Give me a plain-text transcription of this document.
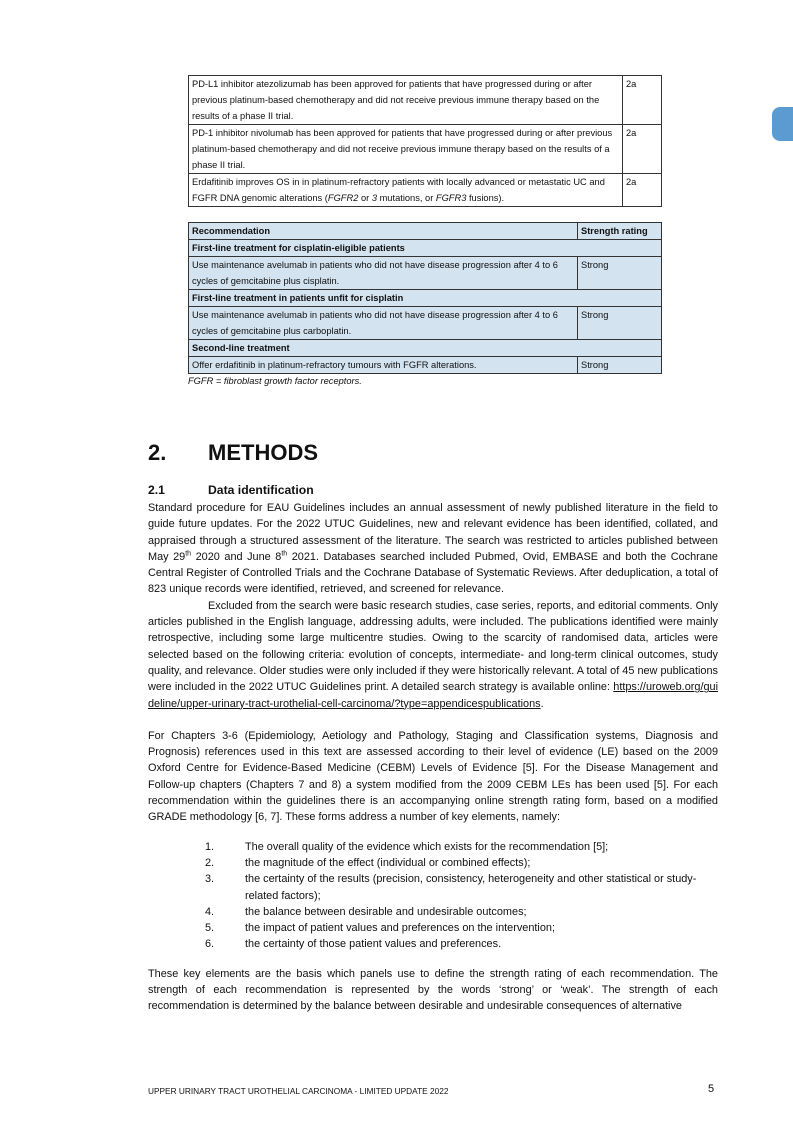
PD-L1 inhibitor atezolizumab has been approved for patients that have progressed during or after previous platinum-based chemotherapy and did not receive previous immune therapy based on the results of a phase II trial.	2a
PD-1 inhibitor nivolumab has been approved for patients that have progressed during or after previous platinum-based chemotherapy and did not receive previous immune therapy based on the results of a phase II trial.	2a
Erdafitinib improves OS in in platinum-refractory patients with locally advanced or metastatic UC and FGFR DNA genomic alterations (FGFR2 or 3 mutations, or FGFR3 fusions).	2a
Recommendation	Strength rating
First-line treatment for cisplatin-eligible patients	
Use maintenance avelumab in patients who did not have disease progression after 4 to 6 cycles of gemcitabine plus cisplatin.	Strong
First-line treatment in patients unfit for cisplatin	
Use maintenance avelumab in patients who did not have disease progression after 4 to 6 cycles of gemcitabine plus carboplatin.	Strong
Second-line treatment	
Offer erdafitinib in platinum-refractory tumours with FGFR alterations.	Strong
FGFR = fibroblast growth factor receptors.
2. METHODS
2.1	Data identification

Standard procedure for EAU Guidelines includes an annual assessment of newly published literature in the field to guide future updates. For the 2022 UTUC Guidelines, new and relevant evidence has been identified, collated, and appraised through a structured assessment of the literature. The search was restricted to articles published between May 29th 2020 and June 8th 2021. Databases searched included Pubmed, Ovid, EMBASE and both the Cochrane Central Register of Controlled Trials and the Cochrane Database of Systematic Reviews. After deduplication, a total of 823 unique records were identified, retrieved, and screened for relevance.

Excluded from the search were basic research studies, case series, reports, and editorial comments. Only articles published in the English language, addressing adults, were included. The publications identified were mainly retrospective, including some large multicentre studies. Owing to the scarcity of randomised data, articles were selected based on the following criteria: evolution of concepts, intermediate- and long-term clinical outcomes, study quality, and relevance. Older studies were only included if they were historically relevant. A total of 45 new publications were included in the 2022 UTUC Guidelines print. A detailed search strategy is available online: https://uroweb.org/guideline/upper-urinary-tract-urothelial-cell-carcinoma/?type=appendicespublications.

For Chapters 3-6 (Epidemiology, Aetiology and Pathology, Staging and Classification systems, Diagnosis and Prognosis) references used in this text are assessed according to their level of evidence (LE) based on the 2009 Oxford Centre for Evidence-Based Medicine (CEBM) Levels of Evidence [5]. For the Disease Management and Follow-up chapters (Chapters 7 and 8) a system modified from the 2009 CEBM LEs has been used [5]. For each recommendation within the guidelines there is an accompanying online strength rating form, based on a modified GRADE methodology [6, 7]. These forms address a number of key elements, namely:

1.	The overall quality of the evidence which exists for the recommendation [5];
2.	the magnitude of the effect (individual or combined effects);
3.	the certainty of the results (precision, consistency, heterogeneity and other statistical or study-related factors);
4.	the balance between desirable and undesirable outcomes;
5.	the impact of patient values and preferences on the intervention;
6.	the certainty of those patient values and preferences.

These key elements are the basis which panels use to define the strength rating of each recommendation. The strength of each recommendation is represented by the words ‘strong’ or ‘weak’. The strength of each recommendation is determined by the balance between desirable and undesirable consequences of alternative

UPPER URINARY TRACT UROTHELIAL CARCINOMA - LIMITED UPDATE 2022	5
